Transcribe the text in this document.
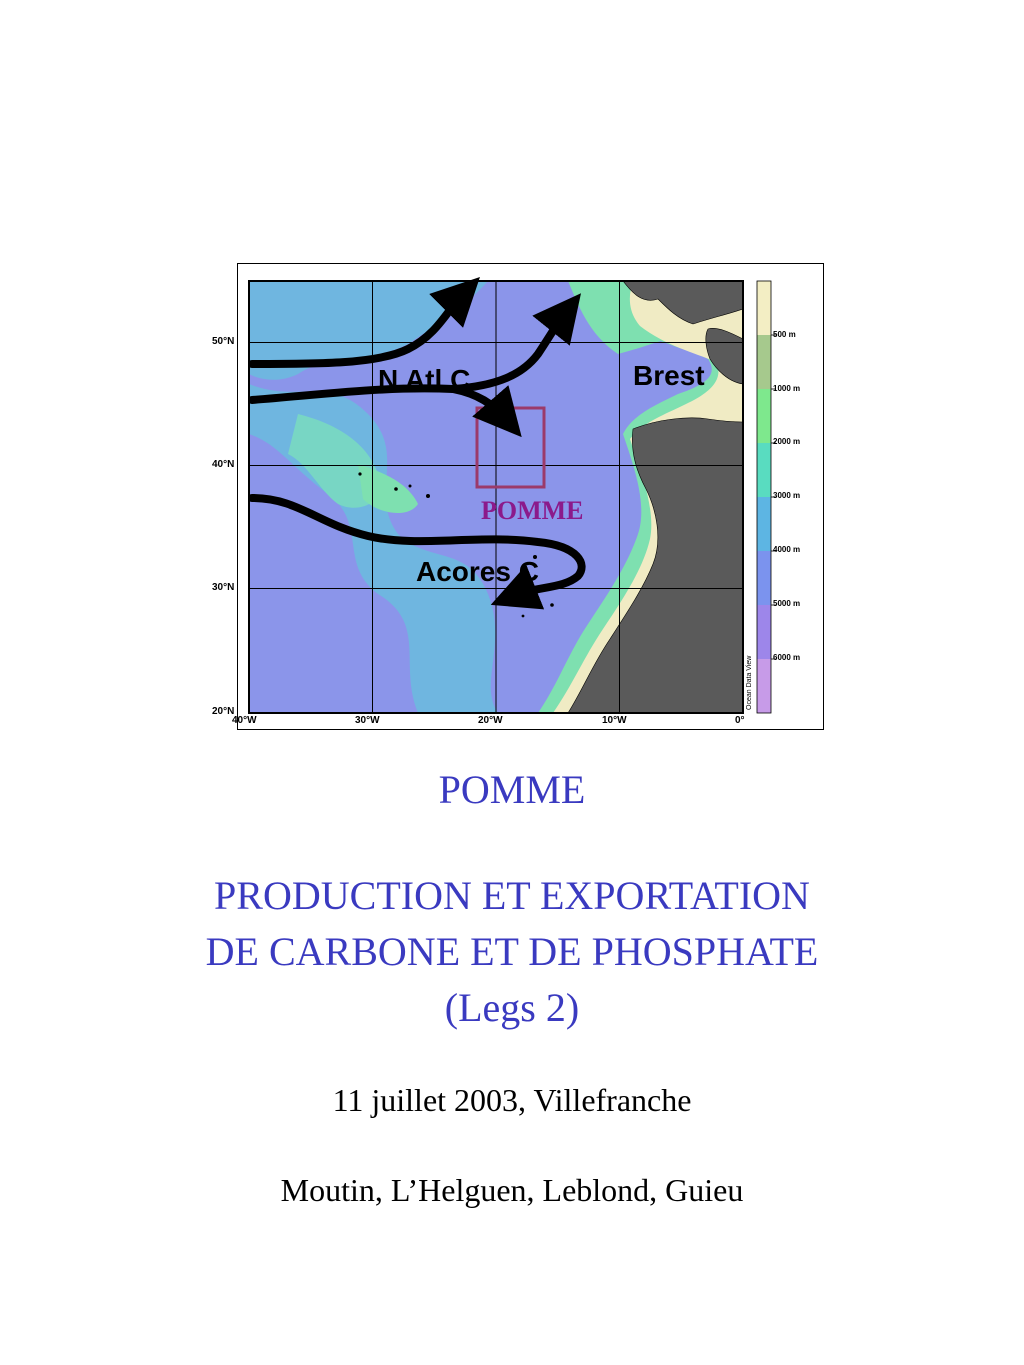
50°N
40°N
30°N
20°N
40°W	30°W	20°W	10°W	0°
500 m
1000 m
2000 m
3000 m
4000 m
5000 m
6000 m
Ocean Data View
N Atl C	Brest
Acores C
POMME
POMME
PRODUCTION ET EXPORTATION
DE CARBONE ET DE PHOSPHATE
(Legs 2)
11 juillet 2003, Villefranche
Moutin, L’Helguen, Leblond, Guieu
